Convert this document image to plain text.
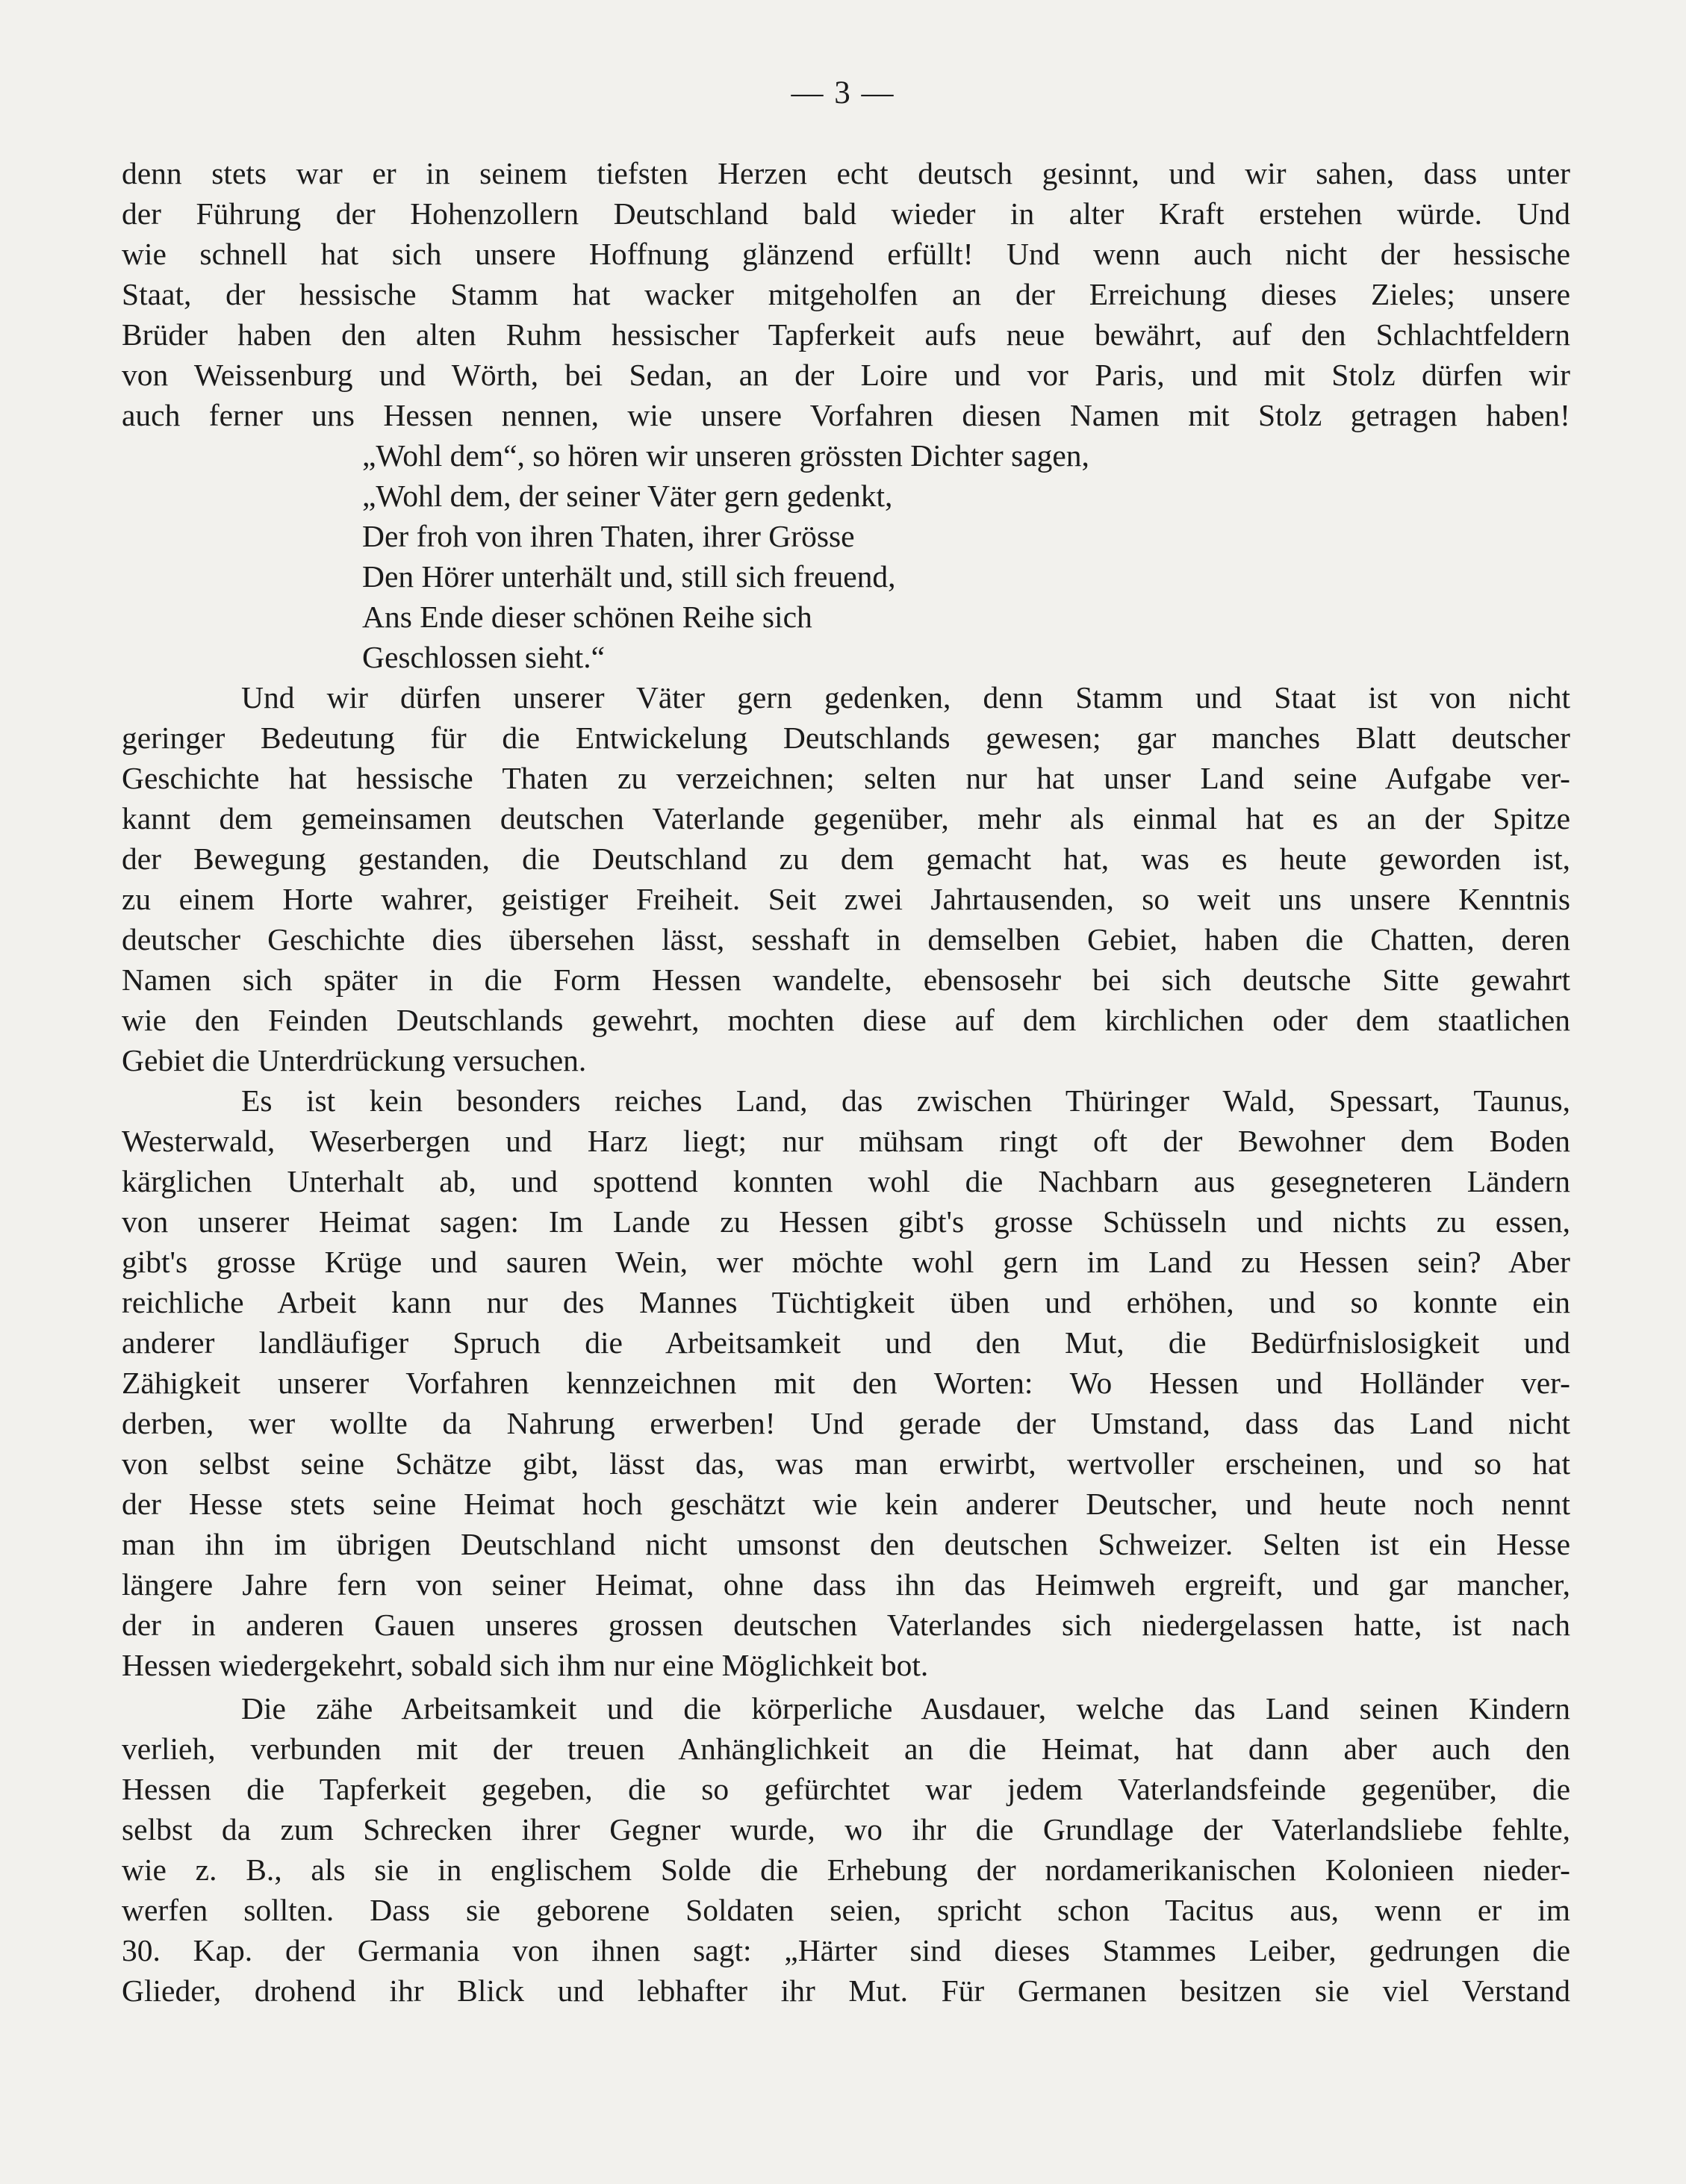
— 3 —
denn stets war er in seinem tiefsten Herzen echt deutsch gesinnt, und wir sahen, dass unter
der Führung der Hohenzollern Deutschland bald wieder in alter Kraft erstehen würde. Und
wie schnell hat sich unsere Hoffnung glänzend erfüllt! Und wenn auch nicht der hessische
Staat, der hessische Stamm hat wacker mitgeholfen an der Erreichung dieses Zieles; unsere
Brüder haben den alten Ruhm hessischer Tapferkeit aufs neue bewährt, auf den Schlachtfeldern
von Weissenburg und Wörth, bei Sedan, an der Loire und vor Paris, und mit Stolz dürfen wir
auch ferner uns Hessen nennen, wie unsere Vorfahren diesen Namen mit Stolz getragen haben!
„Wohl dem“, so hören wir unseren grössten Dichter sagen,
„Wohl dem, der seiner Väter gern gedenkt,
Der froh von ihren Thaten, ihrer Grösse
Den Hörer unterhält und, still sich freuend,
Ans Ende dieser schönen Reihe sich
Geschlossen sieht.“
Und wir dürfen unserer Väter gern gedenken, denn Stamm und Staat ist von nicht
geringer Bedeutung für die Entwickelung Deutschlands gewesen; gar manches Blatt deutscher
Geschichte hat hessische Thaten zu verzeichnen; selten nur hat unser Land seine Aufgabe ver-
kannt dem gemeinsamen deutschen Vaterlande gegenüber, mehr als einmal hat es an der Spitze
der Bewegung gestanden, die Deutschland zu dem gemacht hat, was es heute geworden ist,
zu einem Horte wahrer, geistiger Freiheit. Seit zwei Jahrtausenden, so weit uns unsere Kenntnis
deutscher Geschichte dies übersehen lässt, sesshaft in demselben Gebiet, haben die Chatten, deren
Namen sich später in die Form Hessen wandelte, ebensosehr bei sich deutsche Sitte gewahrt
wie den Feinden Deutschlands gewehrt, mochten diese auf dem kirchlichen oder dem staatlichen
Gebiet die Unterdrückung versuchen.
Es ist kein besonders reiches Land, das zwischen Thüringer Wald, Spessart, Taunus,
Westerwald, Weserbergen und Harz liegt; nur mühsam ringt oft der Bewohner dem Boden
kärglichen Unterhalt ab, und spottend konnten wohl die Nachbarn aus gesegneteren Ländern
von unserer Heimat sagen: Im Lande zu Hessen gibt's grosse Schüsseln und nichts zu essen,
gibt's grosse Krüge und sauren Wein, wer möchte wohl gern im Land zu Hessen sein? Aber
reichliche Arbeit kann nur des Mannes Tüchtigkeit üben und erhöhen, und so konnte ein
anderer landläufiger Spruch die Arbeitsamkeit und den Mut, die Bedürfnislosigkeit und
Zähigkeit unserer Vorfahren kennzeichnen mit den Worten: Wo Hessen und Holländer ver-
derben, wer wollte da Nahrung erwerben! Und gerade der Umstand, dass das Land nicht
von selbst seine Schätze gibt, lässt das, was man erwirbt, wertvoller erscheinen, und so hat
der Hesse stets seine Heimat hoch geschätzt wie kein anderer Deutscher, und heute noch nennt
man ihn im übrigen Deutschland nicht umsonst den deutschen Schweizer. Selten ist ein Hesse
längere Jahre fern von seiner Heimat, ohne dass ihn das Heimweh ergreift, und gar mancher,
der in anderen Gauen unseres grossen deutschen Vaterlandes sich niedergelassen hatte, ist nach
Hessen wiedergekehrt, sobald sich ihm nur eine Möglichkeit bot.
Die zähe Arbeitsamkeit und die körperliche Ausdauer, welche das Land seinen Kindern
verlieh, verbunden mit der treuen Anhänglichkeit an die Heimat, hat dann aber auch den
Hessen die Tapferkeit gegeben, die so gefürchtet war jedem Vaterlandsfeinde gegenüber, die
selbst da zum Schrecken ihrer Gegner wurde, wo ihr die Grundlage der Vaterlandsliebe fehlte,
wie z. B., als sie in englischem Solde die Erhebung der nordamerikanischen Kolonieen nieder-
werfen sollten. Dass sie geborene Soldaten seien, spricht schon Tacitus aus, wenn er im
30. Kap. der Germania von ihnen sagt: „Härter sind dieses Stammes Leiber, gedrungen die
Glieder, drohend ihr Blick und lebhafter ihr Mut. Für Germanen besitzen sie viel Verstand
